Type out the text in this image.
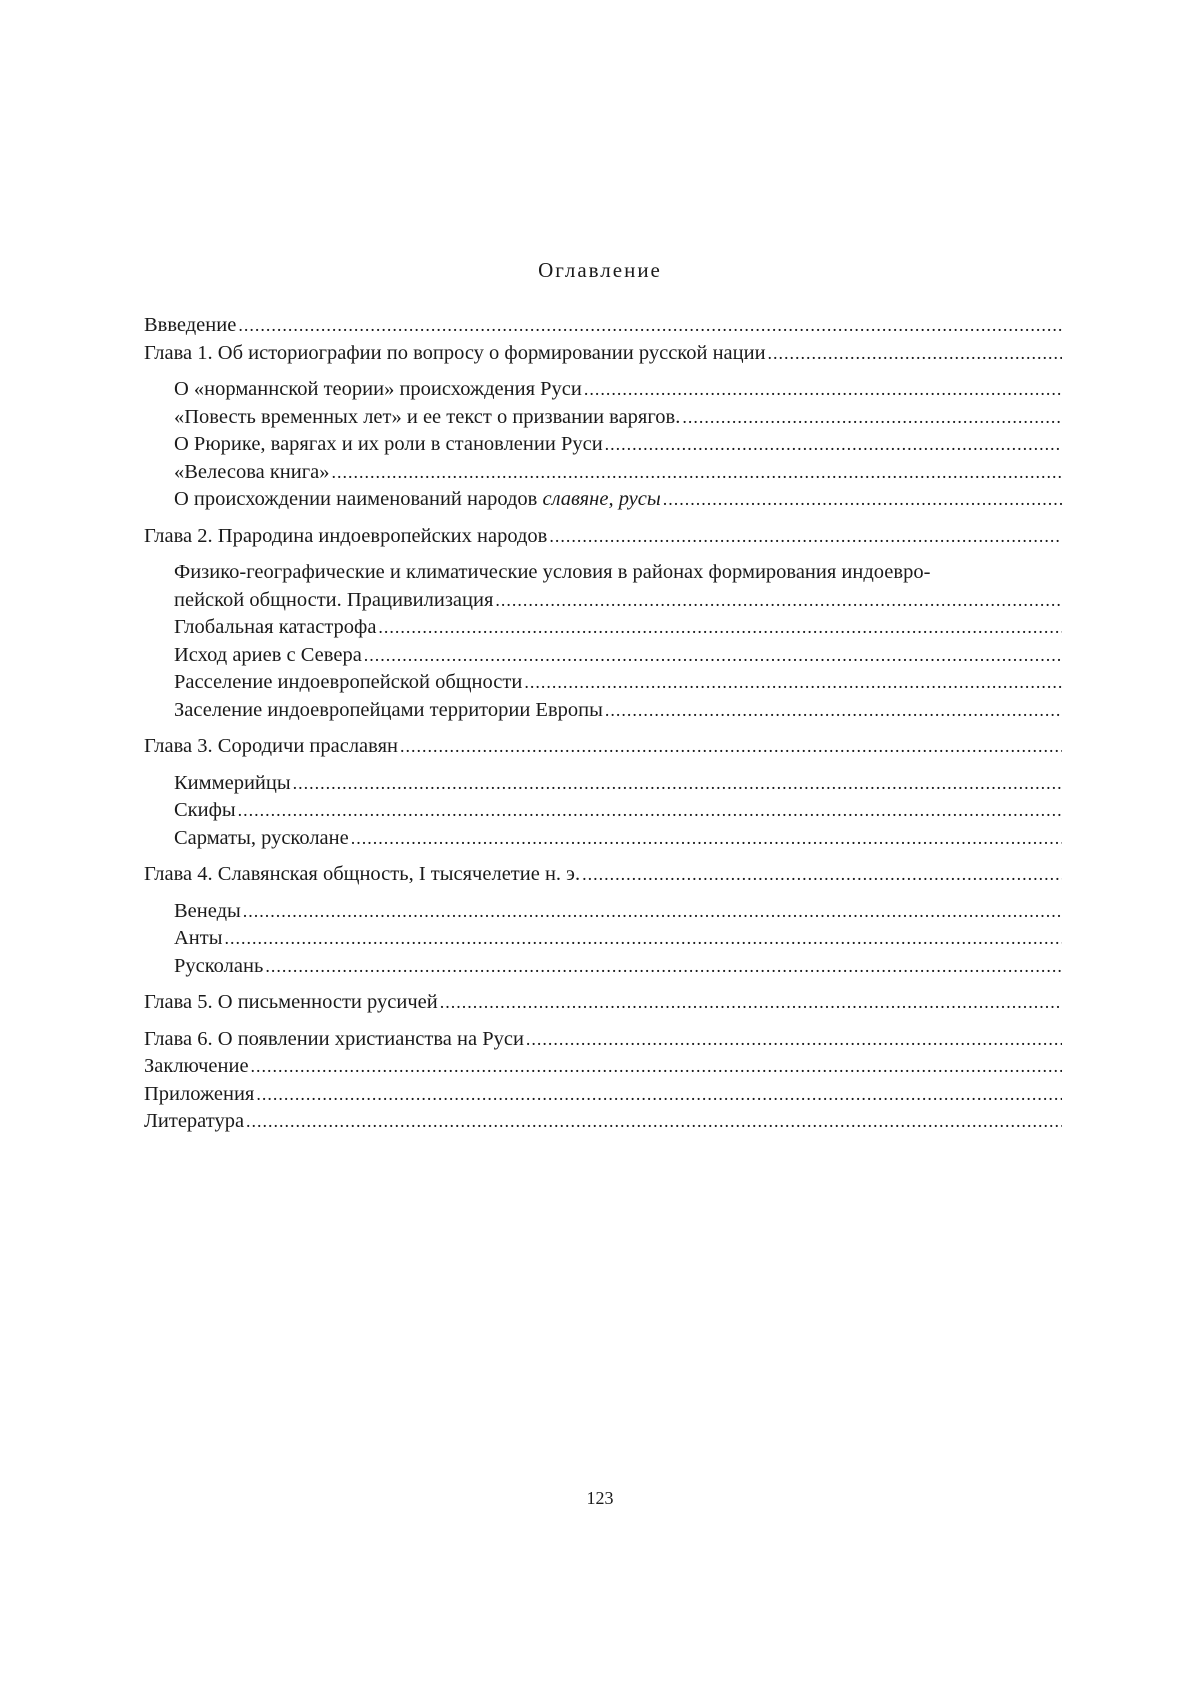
Оглавление
Ввведение
.....
Глава 1. Об историографии по вопросу о формировании русской нации
.....
О «норманнской теории» происхождения Руси
.....
«Повесть временных лет» и ее текст о призвании варягов.
.....
О Рюрике, варягах и их роли в становлении Руси
.....
«Велесова книга»
.....
О происхождении наименований народов славяне, русы
.....
Глава 2. Прародина индоевропейских народов
.....
Физико-географические и климатические условия в районах формирования индоевро-
пейской общности. Працивилизация
.....
Глобальная катастрофа
.....
Исход ариев с Севера
.....
Расселение индоевропейской общности
.....
Заселение индоевропейцами территории Европы
.....
Глава 3. Сородичи праславян
.....
Киммерийцы
.....
Скифы
.....
Сарматы, русколане
.....
Глава 4. Славянская общность, I тысячелетие н. э.
.....
Венеды
.....
Анты
.....
Русколань
.....
Глава 5. О письменности русичей
.....
Глава 6. О появлении христианства на Руси
.....
Заключение
.....
Приложения
.....
Литература
.....
123
